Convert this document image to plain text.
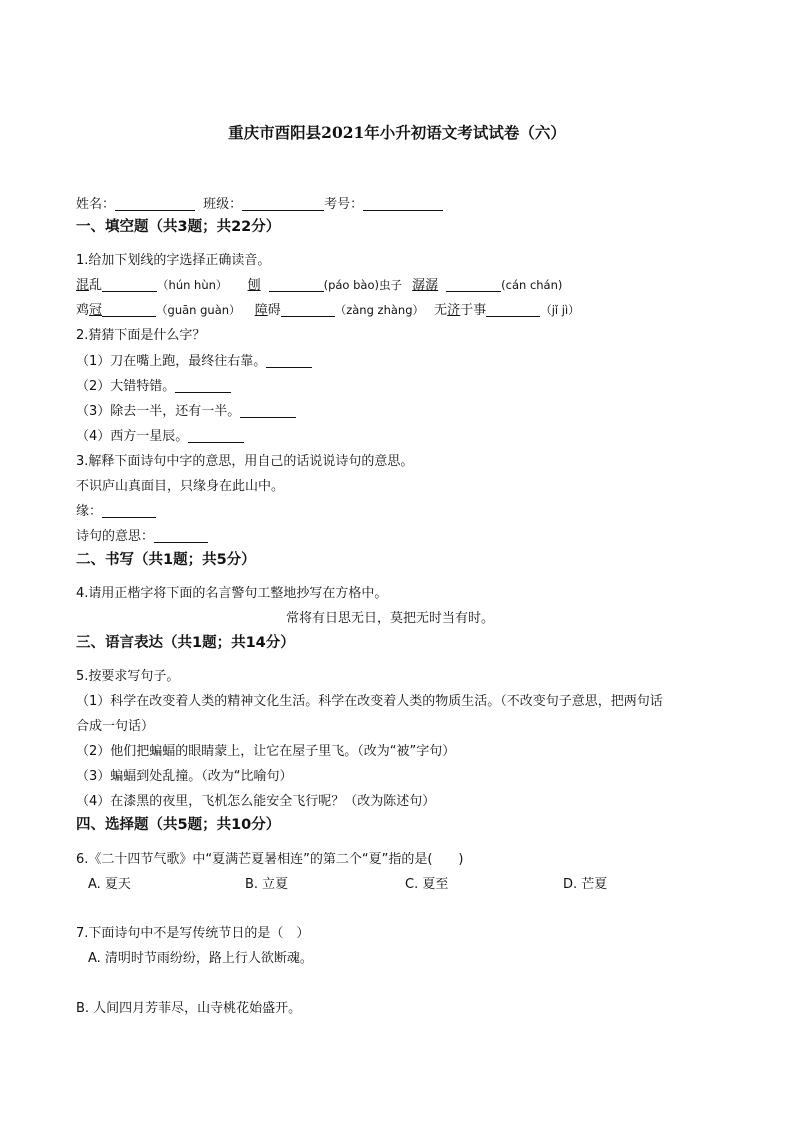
重庆市酉阳县2021年小升初语文考试试卷（六）
姓名：	班级：	考号：
一、填空题（共3题；共22分）
1.给加下划线的字选择正确读音。
混乱	（hún hùn） 刨	(páo bào)虫子 潺潺	(cán chán)
鸡冠	（guān guàn） 障碍	（zàng zhàng） 无济于事	（jǐ jì）
2.猜猜下面是什么字？
（1）刀在嘴上跑，最终往右靠。
（2）大错特错。
（3）除去一半，还有一半。
（4）西方一星辰。
3.解释下面诗句中字的意思，用自己的话说说诗句的意思。
不识庐山真面目，只缘身在此山中。
缘：
诗句的意思：
二、书写（共1题；共5分）
4.请用正楷字将下面的名言警句工整地抄写在方格中。
常将有日思无日，莫把无时当有时。
三、语言表达（共1题；共14分）
5.按要求写句子。
（1）科学在改变着人类的精神文化生活。科学在改变着人类的物质生活。（不改变句子意思，把两句话
合成一句话）
（2）他们把蝙蝠的眼睛蒙上，让它在屋子里飞。（改为“被”字句）
（3）蝙蝠到处乱撞。（改为“比喻句）
（4）在漆黑的夜里，飞机怎么能安全飞行呢？（改为陈述句）
四、选择题（共5题；共10分）
6.《二十四节气歌》中“夏满芒夏暑相连”的第二个“夏”指的是(　　)
A. 夏天	B. 立夏	C. 夏至	D. 芒夏
7.下面诗句中不是写传统节日的是（　）
A. 清明时节雨纷纷，路上行人欲断魂。
B. 人间四月芳菲尽，山寺桃花始盛开。
